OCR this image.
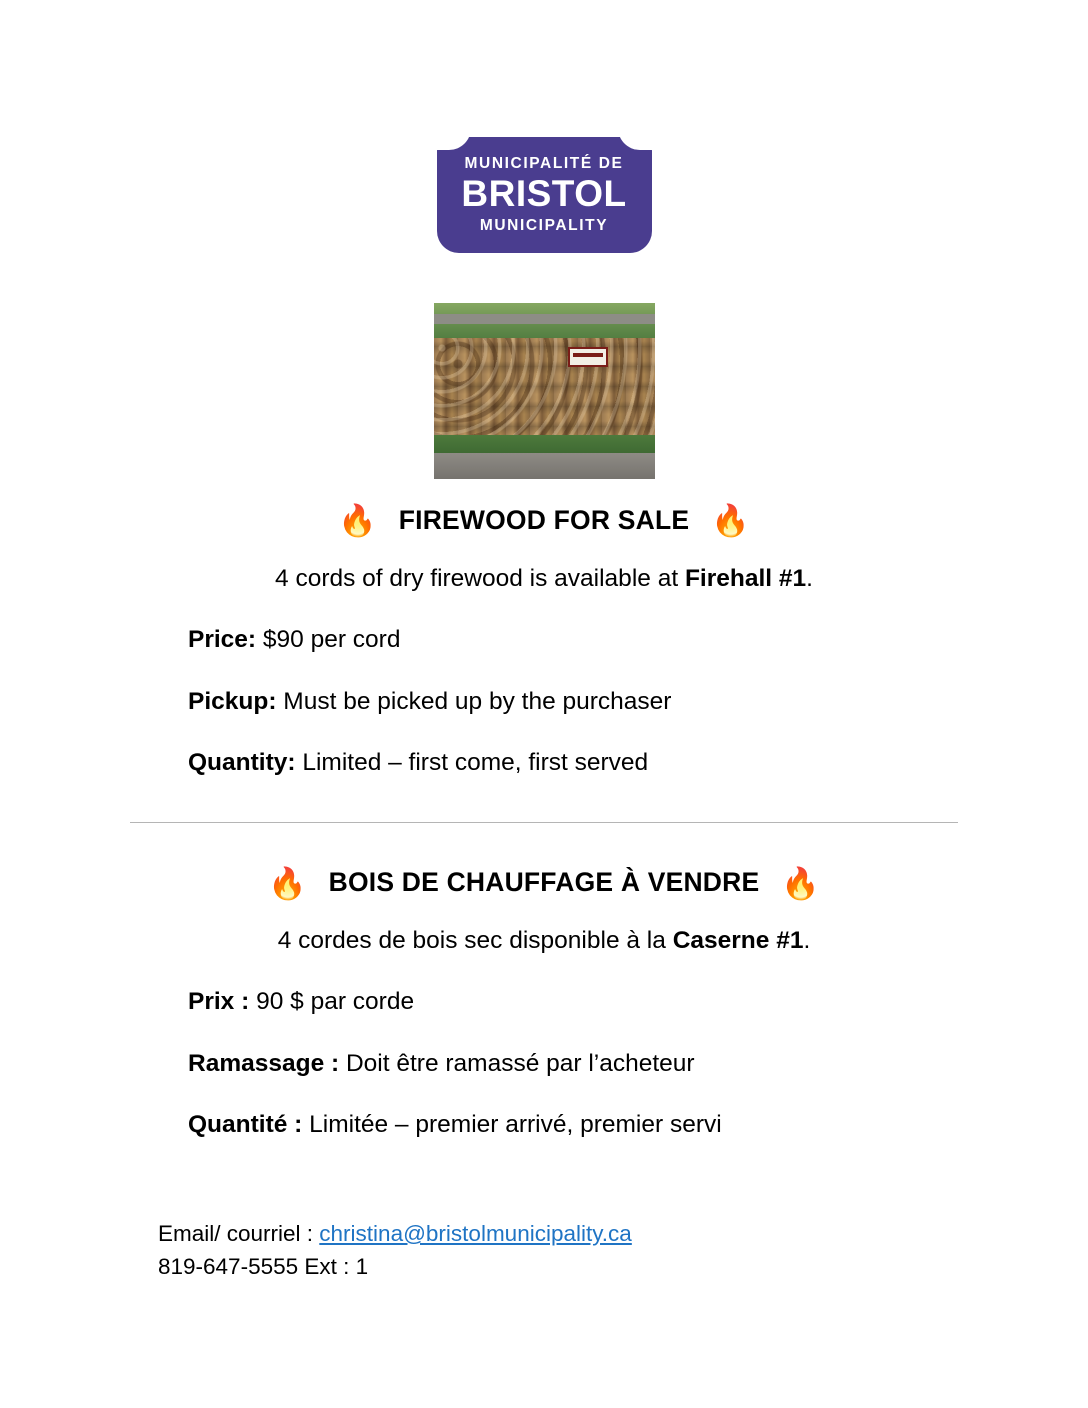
MUNICIPALITÉ DE
BRISTOL
MUNICIPALITY
🔥 FIREWOOD FOR SALE 🔥

4 cords of dry firewood is available at Firehall #1.

Price: $90 per cord

Pickup: Must be picked up by the purchaser

Quantity: Limited – first come, first served

🔥 BOIS DE CHAUFFAGE À VENDRE 🔥

4 cordes de bois sec disponible à la Caserne #1.

Prix : 90 $ par corde

Ramassage : Doit être ramassé par l’acheteur

Quantité : Limitée – premier arrivé, premier servi

Email/ courriel : christina@bristolmunicipality.ca
819-647-5555 Ext : 1
